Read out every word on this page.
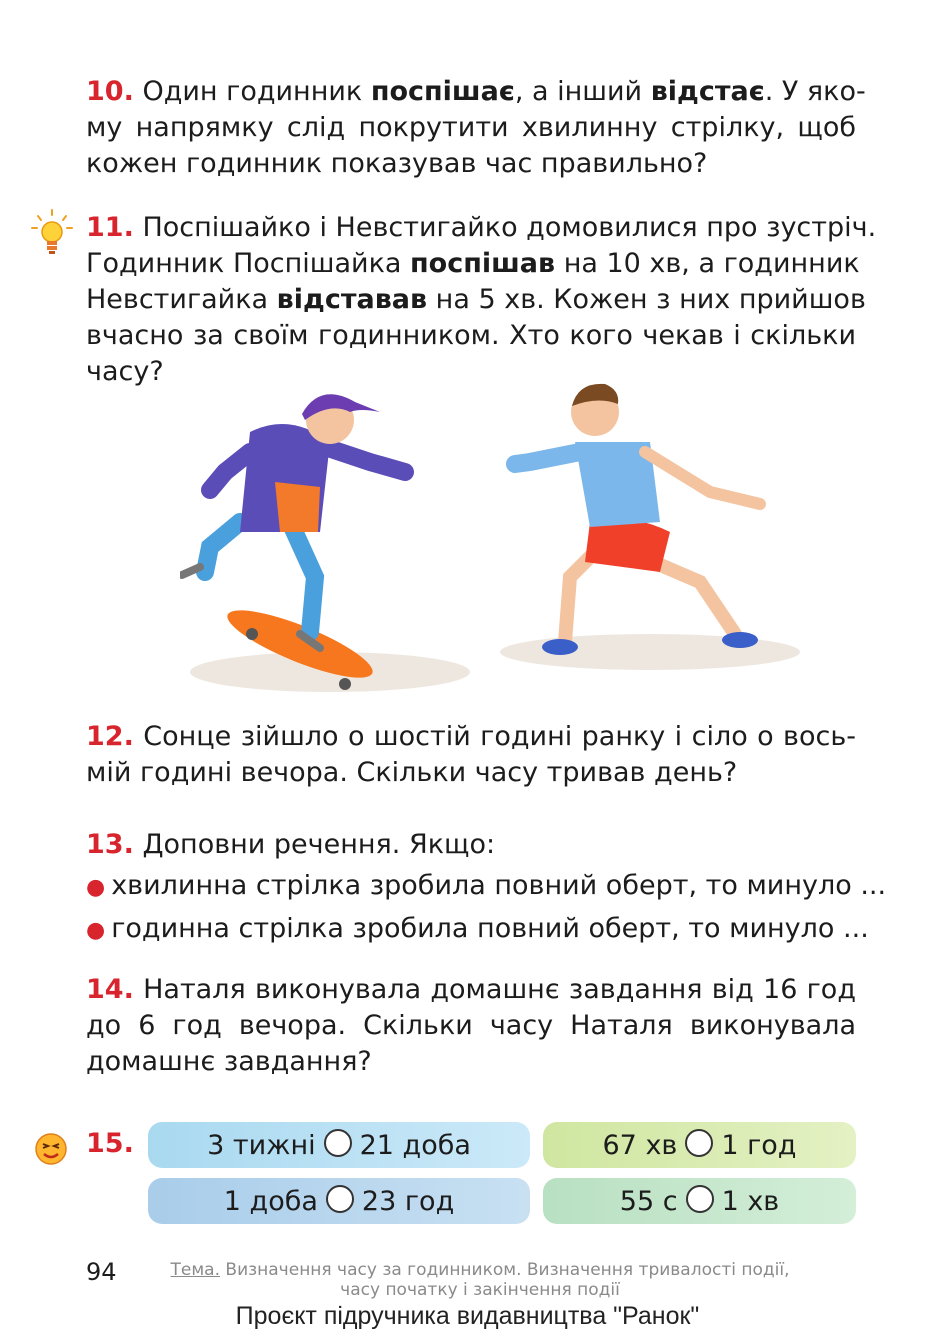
10. Один годинник поспішає, а інший відстає. У яко-
му напрямку слід покрутити хвилинну стрілку, щоб
кожен годинник показував час правильно?
11. Поспішайко і Невстигайко домовилися про зустріч.
Годинник Поспішайка поспішав на 10 хв, а годинник
Невстигайка відставав на 5 хв. Кожен з них прийшов
вчасно за своїм годинником. Хто кого чекав і скільки
часу?
12. Сонце зійшло о шостій годині ранку і сіло о вось-
мій годині вечора. Скільки часу тривав день?
13. Доповни речення. Якщо:
● хвилинна стрілка зробила повний оберт, то минуло ...
● годинна стрілка зробила повний оберт, то минуло ...
14. Наталя виконувала домашнє завдання від 16 год
до 6 год вечора. Скільки часу Наталя виконувала
домашнє завдання?
15.	3 тижні 21 доба	67 хв 1 год
1 доба 23 год	55 с 1 хв
94	Тема. Визначення часу за годинником. Визначення тривалості події,
часу початку і закінчення події
Проєкт підручника видавництва "Ранок"
